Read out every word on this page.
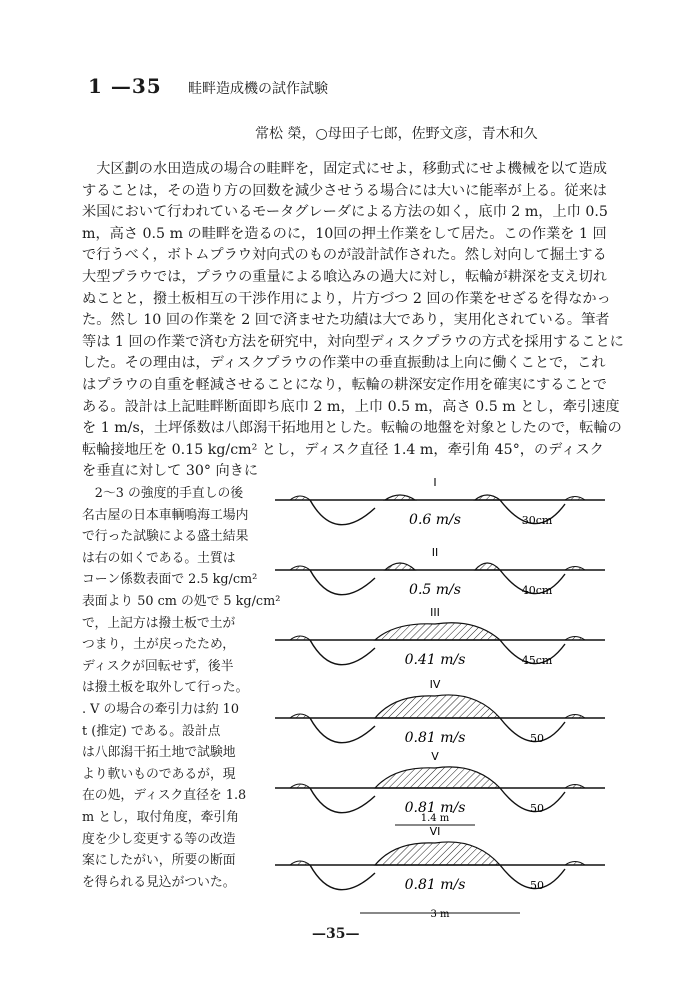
1 —35 畦畔造成機の試作試験
常松 榮，○母田子七郎，佐野文彦，青木和久
　大区劃の水田造成の場合の畦畔を，固定式にせよ，移動式にせよ機械を以て造成
することは，その造り方の回数を減少させうる場合には大いに能率が上る。従来は
米国において行われているモータグレーダによる方法の如く，底巾 2 m，上巾 0.5
m，高さ 0.5 m の畦畔を造るのに，10回の押土作業をして居た。この作業を 1 回
で行うべく，ボトムプラウ対向式のものが設計試作された。然し対向して掘土する
大型プラウでは，プラウの重量による喰込みの過大に対し，転輪が耕深を支え切れ
ぬことと，撥土板相互の干渉作用により，片方づつ 2 回の作業をせざるを得なかっ
た。然し 10 回の作業を 2 回で済ませた功績は大であり，実用化されている。筆者
等は 1 回の作業で済む方法を研究中，対向型ディスクプラウの方式を採用することに
した。その理由は，ディスクプラウの作業中の垂直振動は上向に働くことで，これ
はプラウの自重を軽減させることになり，転輪の耕深安定作用を確実にすることで
ある。設計は上記畦畔断面即ち底巾 2 m，上巾 0.5 m，高さ 0.5 m とし，牽引速度
を 1 m/s，土坪係数は八郎潟干拓地用とした。転輪の地盤を対象としたので，転輪の
転輪接地圧を 0.15 kg/cm² とし，ディスク直径 1.4 m，牽引角 45°，のディスク
を垂直に対して 30° 向きに
　2～3 の強度的手直しの後
名古屋の日本車輌鳴海工場内
で行った試験による盛土結果
は右の如くである。土質は
コーン係数表面で 2.5 kg/cm²
表面より 50 cm の処で 5 kg/cm²
で，上記方は撥土板で土が
つまり，土が戻ったため，
ディスクが回転せず，後半
は撥土板を取外して行った。
. V の場合の牽引力は約 10
t (推定) である。設計点
は八郎潟干拓土地で試験地
より軟いものであるが，現
在の処，ディスク直径を 1.8
m とし，取付角度，牽引角
度を少し変更する等の改造
案にしたがい，所要の断面
を得られる見込がついた。
I
0.6 m/s	30cm
II
0.5 m/s	40cm
III
0.41 m/s	45cm
IV
0.81 m/s	50
V
0.81 m/s	50
VI
0.81 m/s	50
1.4 m
3 m
—35—
